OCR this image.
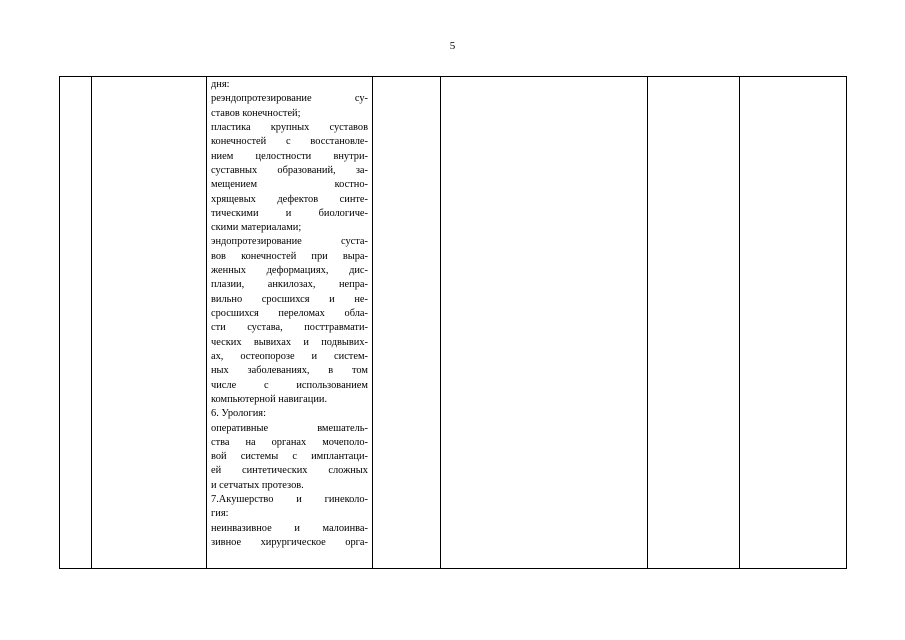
5

дня:
реэндопротезирование су-
ставов конечностей;
пластика крупных суставов
конечностей с восстановле-
нием целостности внутри-
суставных образований, за-
мещением костно-
хрящевых дефектов синте-
тическими и биологиче-
скими материалами;
эндопротезирование суста-
вов конечностей при выра-
женных деформациях, дис-
плазии, анкилозах, непра-
вильно сросшихся и не-
сросшихся переломах обла-
сти сустава, посттравмати-
ческих вывихах и подвывих-
ах, остеопорозе и систем-
ных заболеваниях, в том
числе с использованием
компьютерной навигации.
6. Урология:
оперативные вмешатель-
ства на органах мочеполо-
вой системы с имплантаци-
ей синтетических сложных
и сетчатых протезов.
7.Акушерство и гинеколо-
гия:
неинвазивное и малоинва-
зивное хирургическое орга-
